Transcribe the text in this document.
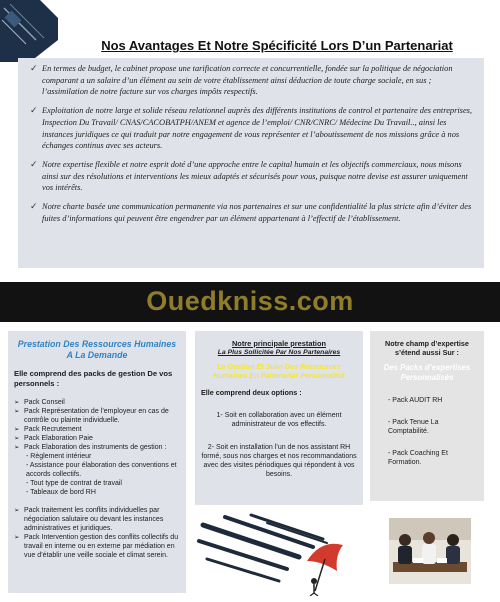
Nos Avantages Et Notre Spécificité Lors D’un Partenariat
✓ En termes de budget, le cabinet propose une tarification correcte et concurrentielle, fondée sur la politique de négociation comparant a un salaire d’un élément au sein de votre établissement ainsi déduction de toute charge sociale, en sus ; l’assimilation de notre facture sur vos charges impôts respectifs.
✓ Exploitation de notre large et solide réseau relationnel auprès des différents institutions de control et partenaire des entreprises, Inspection Du Travail/ CNAS/CACOBATPH/ANEM et agence de l’emploi/ CNR/CNRC/ Médecine Du Travail.., ainsi les instances juridiques ce qui traduit par notre engagement de vous représenter et l’aboutissement de nos missions grâce à nos échanges continus avec ses acteurs.
✓ Notre expertise flexible et notre esprit doté d’une approche entre le capital humain et les objectifs commerciaux, nous misons ainsi sur des résolutions et interventions les mieux adaptés et sécurisés pour vous, puisque notre devise est assurer uniquement vos intérêts.
✓ Notre charte basée une communication permanente via nos partenaires et sur une confidentialité la plus stricte afin d’éviter des fuites d’informations qui peuvent être engendrer par un élément appartenant à l’effectif de l’établissement.
Ouedkniss.com
Prestation Des Ressources Humaines A La Demande
Elle comprend des packs de gestion De vos personnels :
➢ Pack Conseil
➢ Pack Représentation de l’employeur en cas de contrôle ou plainte individuelle.
➢ Pack Recrutement
➢ Pack Elaboration Paie
➢ Pack Elaboration des instruments de gestion :
- Règlement intérieur
- Assistance pour élaboration des conventions et accords collectifs.
- Tout type de contrat de travail
- Tableaux de bord RH
➢ Pack traitement les conflits individuelles par négociation salutaire ou devant les instances administratives et juridiques.
➢ Pack Intervention gestion des conflits collectifs du travail en interne ou en externe par médiation en vue d’établir une veille sociale et climat serein.
Notre principale prestation
La Plus Sollicitée Par Nos Partenaires
Le Gestion Et Suivi Des Ressources Humaines En Partenariat Personnalisé
Elle comprend deux options :
1- Soit en collaboration avec un élément administrateur de vos effectifs.
2- Soit en installation l’un de nos assistant RH formé, sous nos charges et nos recommandations avec des visites périodiques qui répondent à vos besoins.
Notre champ d’expertise s’étend aussi Sur :
Des Packs d’expertises Personnalisés
- Pack AUDIT RH
- Pack Tenue La Comptabilité.
- Pack Coaching Et Formation.
